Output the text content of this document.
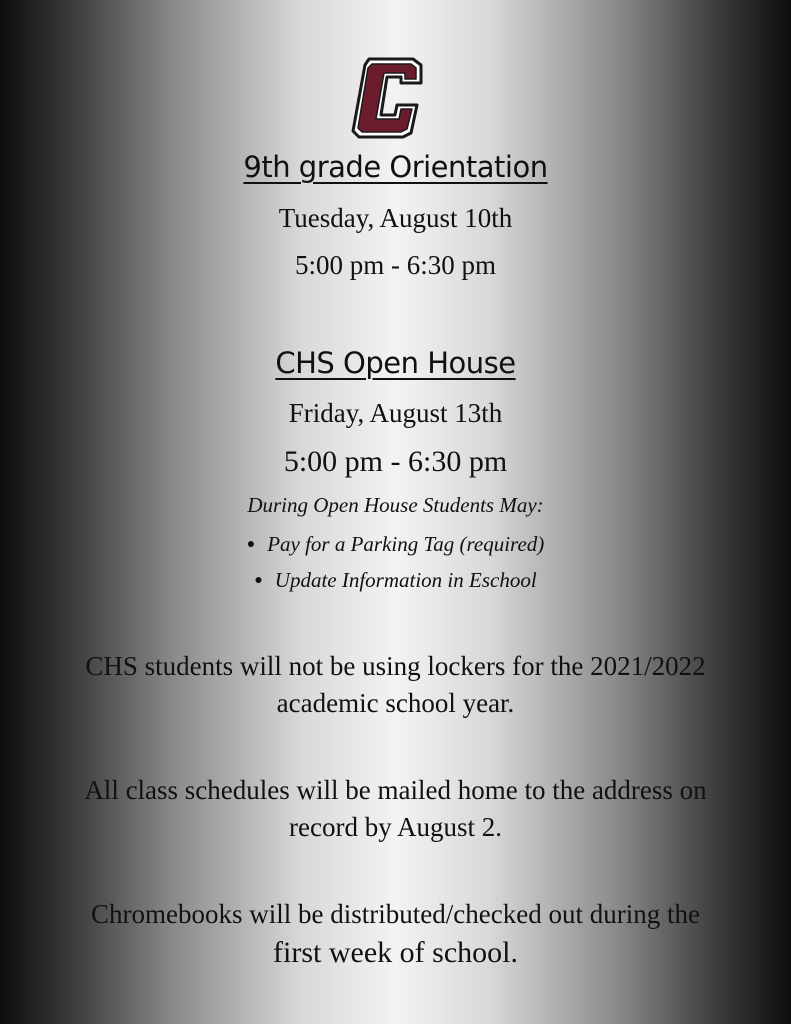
9th grade Orientation
Tuesday, August 10th
5:00 pm - 6:30 pm
CHS Open House
Friday, August 13th
5:00 pm - 6:30 pm
During Open House Students May:
● Pay for a Parking Tag (required)
● Update Information in Eschool
CHS students will not be using lockers for the 2021/2022
academic school year.
All class schedules will be mailed home to the address on
record by August 2.
Chromebooks will be distributed/checked out during the
first week of school.
